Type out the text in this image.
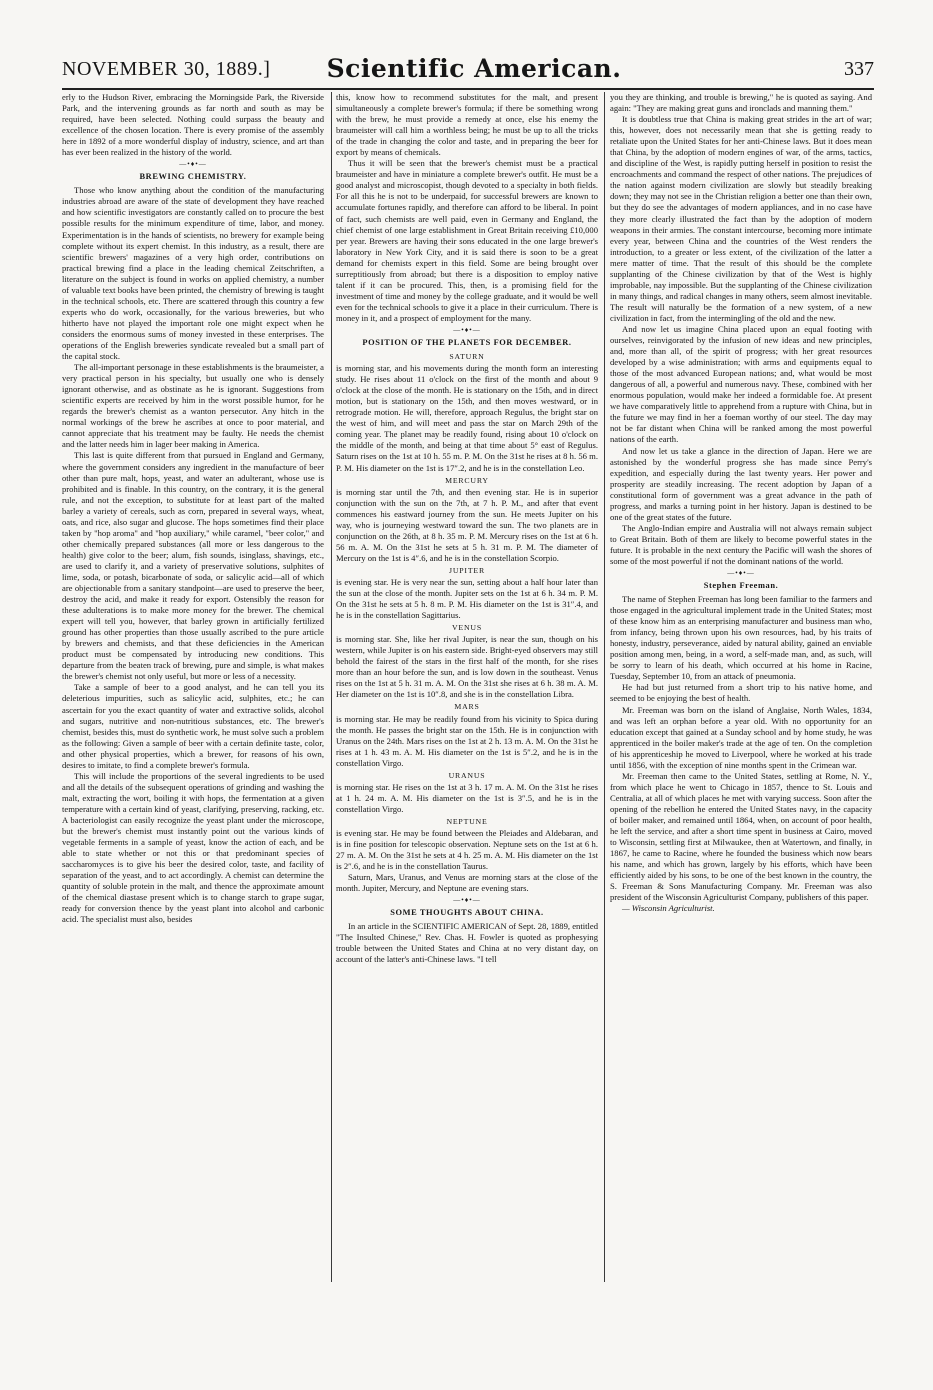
NOVEMBER 30, 1889.] Scientific American.	337

erly to the Hudson River, embracing the Morningside Park, the Riverside Park, and the intervening grounds as far north and south as may be required, have been selected. Nothing could surpass the beauty and excellence of the chosen location. There is every promise of the assembly here in 1892 of a more wonderful display of industry, science, and art than has ever been realized in the history of the world.

—•♦•—
BREWING CHEMISTRY.

Those who know anything about the condition of the manufacturing industries abroad are aware of the state of development they have reached and how scientific investigators are constantly called on to procure the best possible results for the minimum expenditure of time, labor, and money. Experimentation is in the hands of scientists, no brewery for example being complete without its expert chemist. In this industry, as a result, there are scientific brewers' magazines of a very high order, contributions on practical brewing find a place in the leading chemical Zeitschriften, a literature on the subject is found in works on applied chemistry, a number of valuable text books have been printed, the chemistry of brewing is taught in the technical schools, etc. There are scattered through this country a few experts who do work, occasionally, for the various breweries, but who hitherto have not played the important role one might expect when he considers the enormous sums of money invested in these enterprises. The operations of the English breweries syndicate revealed but a small part of the capital stock.

The all-important personage in these establishments is the braumeister, a very practical person in his specialty, but usually one who is densely ignorant otherwise, and as obstinate as he is ignorant. Suggestions from scientific experts are received by him in the worst possible humor, for he regards the brewer's chemist as a wanton persecutor. Any hitch in the normal workings of the brew he ascribes at once to poor material, and cannot appreciate that his treatment may be faulty. He needs the chemist and the latter needs him in lager beer making in America.

This last is quite different from that pursued in England and Germany, where the government considers any ingredient in the manufacture of beer other than pure malt, hops, yeast, and water an adulterant, whose use is prohibited and is finable. In this country, on the contrary, it is the general rule, and not the exception, to substitute for at least part of the malted barley a variety of cereals, such as corn, prepared in several ways, wheat, oats, and rice, also sugar and glucose. The hops sometimes find their place taken by "hop aroma" and "hop auxiliary," while caramel, "beer color," and other chemically prepared substances (all more or less dangerous to the health) give color to the beer; alum, fish sounds, isinglass, shavings, etc., are used to clarify it, and a variety of preservative solutions, sulphites of lime, soda, or potash, bicarbonate of soda, or salicylic acid—all of which are objectionable from a sanitary standpoint—are used to preserve the beer, destroy the acid, and make it ready for export. Ostensibly the reason for these adulterations is to make more money for the brewer. The chemical expert will tell you, however, that barley grown in artificially fertilized ground has other properties than those usually ascribed to the pure article by brewers and chemists, and that these deficiencies in the American product must be compensated by introducing new conditions. This departure from the beaten track of brewing, pure and simple, is what makes the brewer's chemist not only useful, but more or less of a necessity.

Take a sample of beer to a good analyst, and he can tell you its deleterious impurities, such as salicylic acid, sulphites, etc.; he can ascertain for you the exact quantity of water and extractive solids, alcohol and sugars, nutritive and non-nutritious substances, etc. The brewer's chemist, besides this, must do synthetic work, he must solve such a problem as the following: Given a sample of beer with a certain definite taste, color, and other physical properties, which a brewer, for reasons of his own, desires to imitate, to find a complete brewer's formula.

This will include the proportions of the several ingredients to be used and all the details of the subsequent operations of grinding and washing the malt, extracting the wort, boiling it with hops, the fermentation at a given temperature with a certain kind of yeast, clarifying, preserving, racking, etc. A bacteriologist can easily recognize the yeast plant under the microscope, but the brewer's chemist must instantly point out the various kinds of vegetable ferments in a sample of yeast, know the action of each, and be able to state whether or not this or that predominant species of saccharomyces is to give his beer the desired color, taste, and facility of separation of the yeast, and to act accordingly. A chemist can determine the quantity of soluble protein in the malt, and thence the approximate amount of the chemical diastase present which is to change starch to grape sugar, ready for conversion thence by the yeast plant into alcohol and carbonic acid. The specialist must also, besides

this, know how to recommend substitutes for the malt, and present simultaneously a complete brewer's formula; if there be something wrong with the brew, he must provide a remedy at once, else his enemy the braumeister will call him a worthless being; he must be up to all the tricks of the trade in changing the color and taste, and in preparing the beer for export by means of chemicals.

Thus it will be seen that the brewer's chemist must be a practical braumeister and have in miniature a complete brewer's outfit. He must be a good analyst and microscopist, though devoted to a specialty in both fields. For all this he is not to be underpaid, for successful brewers are known to accumulate fortunes rapidly, and therefore can afford to be liberal. In point of fact, such chemists are well paid, even in Germany and England, the chief chemist of one large establishment in Great Britain receiving £10,000 per year. Brewers are having their sons educated in the one large brewer's laboratory in New York City, and it is said there is soon to be a great demand for chemists expert in this field. Some are being brought over surreptitiously from abroad; but there is a disposition to employ native talent if it can be procured. This, then, is a promising field for the investment of time and money by the college graduate, and it would be well even for the technical schools to give it a place in their curriculum. There is money in it, and a prospect of employment for the many.

—•♦•—
POSITION OF THE PLANETS FOR DECEMBER.
SATURN

is morning star, and his movements during the month form an interesting study. He rises about 11 o'clock on the first of the month and about 9 o'clock at the close of the month. He is stationary on the 15th, and in direct motion, but is stationary on the 15th, and then moves westward, or in retrograde motion. He will, therefore, approach Regulus, the bright star on the west of him, and will meet and pass the star on March 29th of the coming year. The planet may be readily found, rising about 10 o'clock on the middle of the month, and being at that time about 5° east of Regulus. Saturn rises on the 1st at 10 h. 55 m. P. M. On the 31st he rises at 8 h. 56 m. P. M. His diameter on the 1st is 17″.2, and he is in the constellation Leo.

MERCURY

is morning star until the 7th, and then evening star. He is in superior conjunction with the sun on the 7th, at 7 h. P. M., and after that event commences his eastward journey from the sun. He meets Jupiter on his way, who is journeying westward toward the sun. The two planets are in conjunction on the 26th, at 8 h. 35 m. P. M. Mercury rises on the 1st at 6 h. 56 m. A. M. On the 31st he sets at 5 h. 31 m. P. M. The diameter of Mercury on the 1st is 4″.6, and he is in the constellation Scorpio.

JUPITER

is evening star. He is very near the sun, setting about a half hour later than the sun at the close of the month. Jupiter sets on the 1st at 6 h. 34 m. P. M. On the 31st he sets at 5 h. 8 m. P. M. His diameter on the 1st is 31″.4, and he is in the constellation Sagittarius.

VENUS

is morning star. She, like her rival Jupiter, is near the sun, though on his western, while Jupiter is on his eastern side. Bright-eyed observers may still behold the fairest of the stars in the first half of the month, for she rises more than an hour before the sun, and is low down in the southeast. Venus rises on the 1st at 5 h. 31 m. A. M. On the 31st she rises at 6 h. 38 m. A. M. Her diameter on the 1st is 10″.8, and she is in the constellation Libra.

MARS

is morning star. He may be readily found from his vicinity to Spica during the month. He passes the bright star on the 15th. He is in conjunction with Uranus on the 24th. Mars rises on the 1st at 2 h. 13 m. A. M. On the 31st he rises at 1 h. 43 m. A. M. His diameter on the 1st is 5″.2, and he is in the constellation Virgo.

URANUS

is morning star. He rises on the 1st at 3 h. 17 m. A. M. On the 31st he rises at 1 h. 24 m. A. M. His diameter on the 1st is 3″.5, and he is in the constellation Virgo.

NEPTUNE

is evening star. He may be found between the Pleiades and Aldebaran, and is in fine position for telescopic observation. Neptune sets on the 1st at 6 h. 27 m. A. M. On the 31st he sets at 4 h. 25 m. A. M. His diameter on the 1st is 2″.6, and he is in the constellation Taurus.

Saturn, Mars, Uranus, and Venus are morning stars at the close of the month. Jupiter, Mercury, and Neptune are evening stars.

—•♦•—
SOME THOUGHTS ABOUT CHINA.

In an article in the SCIENTIFIC AMERICAN of Sept. 28, 1889, entitled "The Insulted Chinese," Rev. Chas. H. Fowler is quoted as prophesying trouble between the United States and China at no very distant day, on account of the latter's anti-Chinese laws. "I tell

you they are thinking, and trouble is brewing," he is quoted as saying. And again: "They are making great guns and ironclads and manning them."

It is doubtless true that China is making great strides in the art of war; this, however, does not necessarily mean that she is getting ready to retaliate upon the United States for her anti-Chinese laws. But it does mean that China, by the adoption of modern engines of war, of the arms, tactics, and discipline of the West, is rapidly putting herself in position to resist the encroachments and command the respect of other nations. The prejudices of the nation against modern civilization are slowly but steadily breaking down; they may not see in the Christian religion a better one than their own, but they do see the advantages of modern appliances, and in no case have they more clearly illustrated the fact than by the adoption of modern weapons in their armies. The constant intercourse, becoming more intimate every year, between China and the countries of the West renders the introduction, to a greater or less extent, of the civilization of the latter a mere matter of time. That the result of this should be the complete supplanting of the Chinese civilization by that of the West is highly improbable, nay impossible. But the supplanting of the Chinese civilization in many things, and radical changes in many others, seem almost inevitable. The result will naturally be the formation of a new system, of a new civilization in fact, from the intermingling of the old and the new.

And now let us imagine China placed upon an equal footing with ourselves, reinvigorated by the infusion of new ideas and new principles, and, more than all, of the spirit of progress; with her great resources developed by a wise administration; with arms and equipments equal to those of the most advanced European nations; and, what would be most dangerous of all, a powerful and numerous navy. These, combined with her enormous population, would make her indeed a formidable foe. At present we have comparatively little to apprehend from a rupture with China, but in the future we may find in her a foeman worthy of our steel. The day may not be far distant when China will be ranked among the most powerful nations of the earth.

And now let us take a glance in the direction of Japan. Here we are astonished by the wonderful progress she has made since Perry's expedition, and especially during the last twenty years. Her power and prosperity are steadily increasing. The recent adoption by Japan of a constitutional form of government was a great advance in the path of progress, and marks a turning point in her history. Japan is destined to be one of the great states of the future.

The Anglo-Indian empire and Australia will not always remain subject to Great Britain. Both of them are likely to become powerful states in the future. It is probable in the next century the Pacific will wash the shores of some of the most powerful if not the dominant nations of the world.

—•♦•—
Stephen Freeman.

The name of Stephen Freeman has long been familiar to the farmers and those engaged in the agricultural implement trade in the United States; most of these know him as an enterprising manufacturer and business man who, from infancy, being thrown upon his own resources, had, by his traits of honesty, industry, perseverance, aided by natural ability, gained an enviable position among men, being, in a word, a self-made man, and, as such, will be sorry to learn of his death, which occurred at his home in Racine, Tuesday, September 10, from an attack of pneumonia.

He had but just returned from a short trip to his native home, and seemed to be enjoying the best of health.

Mr. Freeman was born on the island of Anglaise, North Wales, 1834, and was left an orphan before a year old. With no opportunity for an education except that gained at a Sunday school and by home study, he was apprenticed in the boiler maker's trade at the age of ten. On the completion of his apprenticeship he moved to Liverpool, where he worked at his trade until 1856, with the exception of nine months spent in the Crimean war.

Mr. Freeman then came to the United States, settling at Rome, N. Y., from which place he went to Chicago in 1857, thence to St. Louis and Centralia, at all of which places he met with varying success. Soon after the opening of the rebellion he entered the United States navy, in the capacity of boiler maker, and remained until 1864, when, on account of poor health, he left the service, and after a short time spent in business at Cairo, moved to Wisconsin, settling first at Milwaukee, then at Watertown, and finally, in 1867, he came to Racine, where he founded the business which now bears his name, and which has grown, largely by his efforts, which have been efficiently aided by his sons, to be one of the best known in the country, the S. Freeman & Sons Manufacturing Company. Mr. Freeman was also president of the Wisconsin Agriculturist Company, publishers of this paper.

— Wisconsin Agriculturist.
